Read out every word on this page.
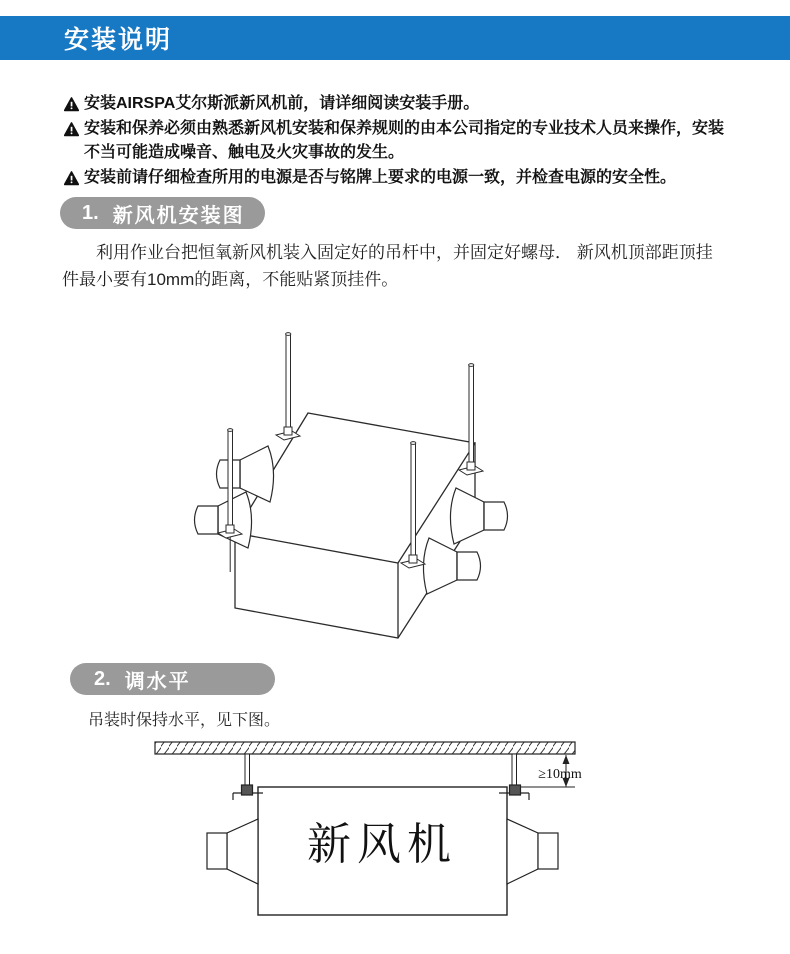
安装说明
安装AIRSPA艾尔斯派新风机前，请详细阅读安装手册。
安装和保养必须由熟悉新风机安装和保养规则的由本公司指定的专业技术人员来操作，安装不当可能造成噪音、触电及火灾事故的发生。
安装前请仔细检查所用的电源是否与铭牌上要求的电源一致，并检查电源的安全性。
1. 新风机安装图
利用作业台把恒氧新风机装入固定好的吊杆中，并固定好螺母． 新风机顶部距顶挂件最小要有10mm的距离，不能贴紧顶挂件。
2. 调水平
吊装时保持水平，见下图。
≥10mm
新风机
